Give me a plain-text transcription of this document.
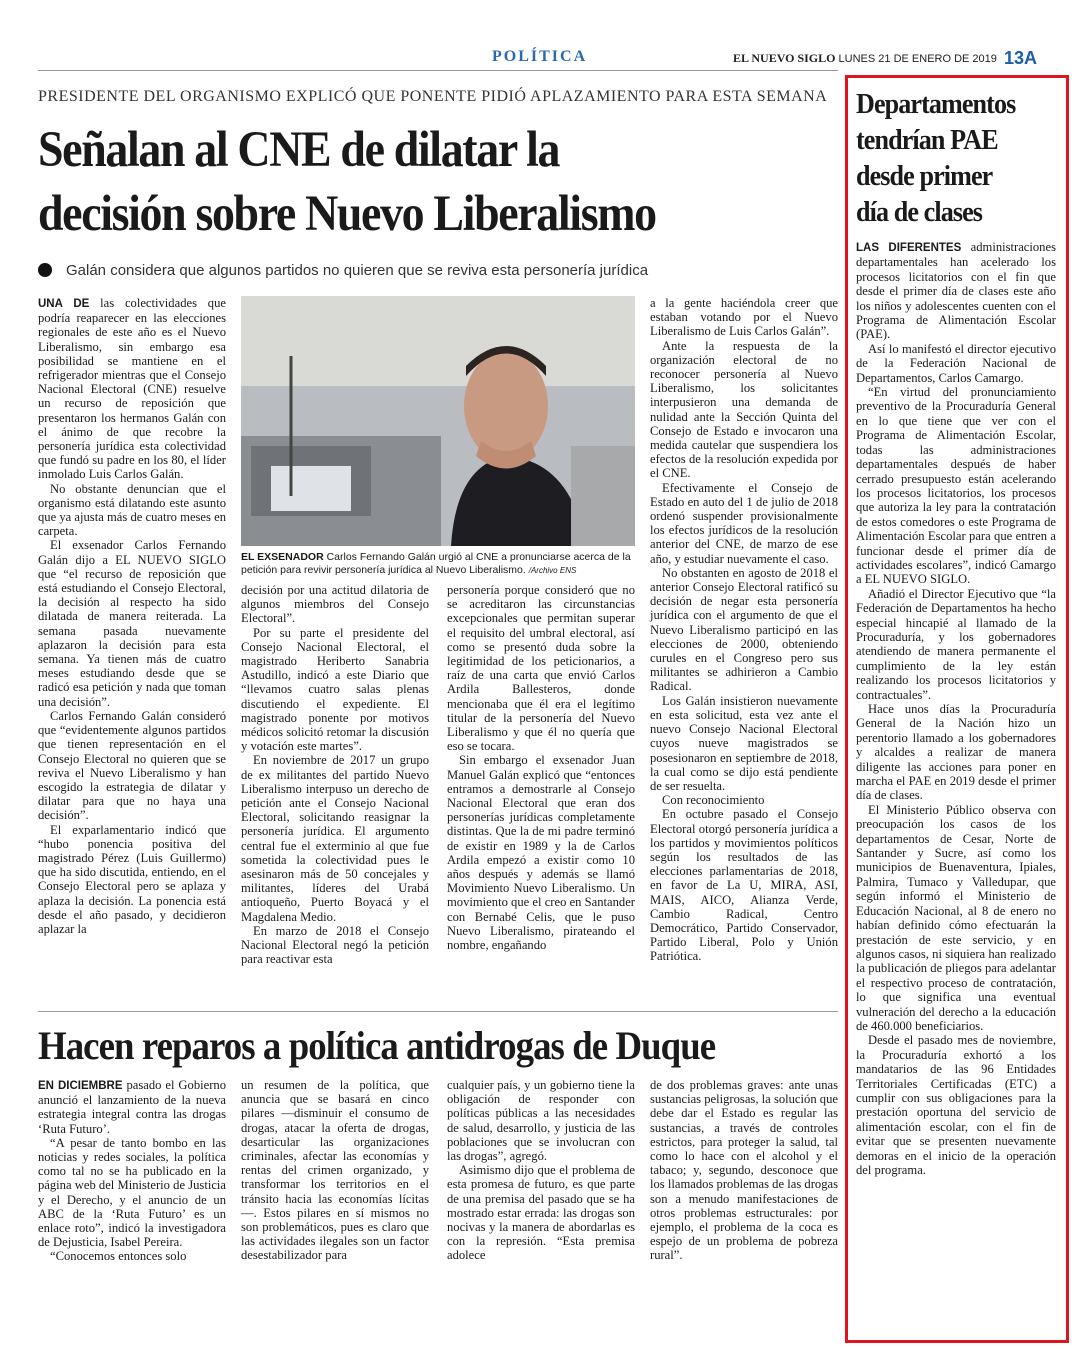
POLÍTICA	EL NUEVO SIGLO LUNES 21 DE ENERO DE 2019 13A
PRESIDENTE DEL ORGANISMO EXPLICÓ QUE PONENTE PIDIÓ APLAZAMIENTO PARA ESTA SEMANA
Señalan al CNE de dilatar la
decisión sobre Nuevo Liberalismo
Galán considera que algunos partidos no quieren que se reviva esta personería jurídica

UNA DE las colectividades que podría reaparecer en las elecciones regionales de este año es el Nuevo Liberalismo, sin embargo esa posibilidad se mantiene en el refrigerador mientras que el Consejo Nacional Electoral (CNE) resuelve un recurso de reposición que presentaron los hermanos Galán con el ánimo de que recobre la personería jurídica esta colectividad que fundó su padre en los 80, el líder inmolado Luis Carlos Galán.

No obstante denuncian que el organismo está dilatando este asunto que ya ajusta más de cuatro meses en carpeta.

El exsenador Carlos Fernando Galán dijo a EL NUEVO SIGLO que “el recurso de reposición que está estudiando el Consejo Electoral, la decisión al respecto ha sido dilatada de manera reiterada. La semana pasada nuevamente aplazaron la decisión para esta semana. Ya tienen más de cuatro meses estudiando desde que se radicó esa petición y nada que toman una decisión”.

Carlos Fernando Galán consideró que “evidentemente algunos partidos que tienen representación en el Consejo Electoral no quieren que se reviva el Nuevo Liberalismo y han escogido la estrategia de dilatar y dilatar para que no haya una decisión”.

El exparlamentario indicó que “hubo ponencia positiva del magistrado Pérez (Luis Guillermo) que ha sido discutida, entiendo, en el Consejo Electoral pero se aplaza y aplaza la decisión. La ponencia está desde el año pasado, y decidieron aplazar la

EL EXSENADOR Carlos Fernando Galán urgió al CNE a pronunciarse acerca de la petición para revivir personería jurídica al Nuevo Liberalismo. /Archivo ENS

decisión por una actitud dilatoria de algunos miembros del Consejo Electoral”.

Por su parte el presidente del Consejo Nacional Electoral, el magistrado Heriberto Sanabria Astudillo, indicó a este Diario que “llevamos cuatro salas plenas discutiendo el expediente. El magistrado ponente por motivos médicos solicitó retomar la discusión y votación este martes”.

En noviembre de 2017 un grupo de ex militantes del partido Nuevo Liberalismo interpuso un derecho de petición ante el Consejo Nacional Electoral, solicitando reasignar la personería jurídica. El argumento central fue el exterminio al que fue sometida la colectividad pues le asesinaron más de 50 concejales y militantes, líderes del Urabá antioqueño, Puerto Boyacá y el Magdalena Medio.

En marzo de 2018 el Consejo Nacional Electoral negó la petición para reactivar esta

personería porque consideró que no se acreditaron las circunstancias excepcionales que permitan superar el requisito del umbral electoral, así como se presentó duda sobre la legitimidad de los peticionarios, a raíz de una carta que envió Carlos Ardila Ballesteros, donde mencionaba que él era el legítimo titular de la personería del Nuevo Liberalismo y que él no quería que eso se tocara.

Sin embargo el exsenador Juan Manuel Galán explicó que “entonces entramos a demostrarle al Consejo Nacional Electoral que eran dos personerías jurídicas completamente distintas. Que la de mi padre terminó de existir en 1989 y la de Carlos Ardila empezó a existir como 10 años después y además se llamó Movimiento Nuevo Liberalismo. Un movimiento que el creo en Santander con Bernabé Celis, que le puso Nuevo Liberalismo, pirateando el nombre, engañando

a la gente haciéndola creer que estaban votando por el Nuevo Liberalismo de Luis Carlos Galán”.

Ante la respuesta de la organización electoral de no reconocer personería al Nuevo Liberalismo, los solicitantes interpusieron una demanda de nulidad ante la Sección Quinta del Consejo de Estado e invocaron una medida cautelar que suspendiera los efectos de la resolución expedida por el CNE.

Efectivamente el Consejo de Estado en auto del 1 de julio de 2018 ordenó suspender provisionalmente los efectos jurídicos de la resolución anterior del CNE, de marzo de ese año, y estudiar nuevamente el caso.

No obstanten en agosto de 2018 el anterior Consejo Electoral ratificó su decisión de negar esta personería jurídica con el argumento de que el Nuevo Liberalismo participó en las elecciones de 2000, obteniendo curules en el Congreso pero sus militantes se adhirieron a Cambio Radical.

Los Galán insistieron nuevamente en esta solicitud, esta vez ante el nuevo Consejo Nacional Electoral cuyos nueve magistrados se posesionaron en septiembre de 2018, la cual como se dijo está pendiente de ser resuelta.

Con reconocimiento

En octubre pasado el Consejo Electoral otorgó personería jurídica a los partidos y movimientos políticos según los resultados de las elecciones parlamentarias de 2018, en favor de La U, MIRA, ASI, MAIS, AICO, Alianza Verde, Cambio Radical, Centro Democrático, Partido Conservador, Partido Liberal, Polo y Unión Patriótica.

Hacen reparos a política antidrogas de Duque

EN DICIEMBRE pasado el Gobierno anunció el lanzamiento de la nueva estrategia integral contra las drogas ‘Ruta Futuro’.

“A pesar de tanto bombo en las noticias y redes sociales, la política como tal no se ha publicado en la página web del Ministerio de Justicia y el Derecho, y el anuncio de un ABC de la ‘Ruta Futuro’ es un enlace roto”, indicó la investigadora de Dejusticia, Isabel Pereira.

“Conocemos entonces solo

un resumen de la política, que anuncia que se basará en cinco pilares —disminuir el consumo de drogas, atacar la oferta de drogas, desarticular las organizaciones criminales, afectar las economías y rentas del crimen organizado, y transformar los territorios en el tránsito hacia las economías lícitas—. Estos pilares en sí mismos no son problemáticos, pues es claro que las actividades ilegales son un factor desestabilizador para

cualquier país, y un gobierno tiene la obligación de responder con políticas públicas a las necesidades de salud, desarrollo, y justicia de las poblaciones que se involucran con las drogas”, agregó.

Asimismo dijo que el problema de esta promesa de futuro, es que parte de una premisa del pasado que se ha mostrado estar errada: las drogas son nocivas y la manera de abordarlas es con la represión. “Esta premisa adolece

de dos problemas graves: ante unas sustancias peligrosas, la solución que debe dar el Estado es regular las sustancias, a través de controles estrictos, para proteger la salud, tal como lo hace con el alcohol y el tabaco; y, segundo, desconoce que los llamados problemas de las drogas son a menudo manifestaciones de otros problemas estructurales: por ejemplo, el problema de la coca es espejo de un problema de pobreza rural”.

Departamentos
tendrían PAE
desde primer
día de clases

LAS DIFERENTES administraciones departamentales han acelerado los procesos licitatorios con el fin que desde el primer día de clases este año los niños y adolescentes cuenten con el Programa de Alimentación Escolar (PAE).

Así lo manifestó el director ejecutivo de la Federación Nacional de Departamentos, Carlos Camargo.

“En virtud del pronunciamiento preventivo de la Procuraduría General en lo que tiene que ver con el Programa de Alimentación Escolar, todas las administraciones departamentales después de haber cerrado presupuesto están acelerando los procesos licitatorios, los procesos que autoriza la ley para la contratación de estos comedores o este Programa de Alimentación Escolar para que entren a funcionar desde el primer día de actividades escolares”, indicó Camargo a EL NUEVO SIGLO.

Añadió el Director Ejecutivo que “la Federación de Departamentos ha hecho especial hincapié al llamado de la Procuraduría, y los gobernadores atendiendo de manera permanente el cumplimiento de la ley están realizando los procesos licitatorios y contractuales”.

Hace unos días la Procuraduría General de la Nación hizo un perentorio llamado a los gobernadores y alcaldes a realizar de manera diligente las acciones para poner en marcha el PAE en 2019 desde el primer día de clases.

El Ministerio Público observa con preocupación los casos de los departamentos de Cesar, Norte de Santander y Sucre, así como los municipios de Buenaventura, Ipiales, Palmira, Tumaco y Valledupar, que según informó el Ministerio de Educación Nacional, al 8 de enero no habían definido cómo efectuarán la prestación de este servicio, y en algunos casos, ni siquiera han realizado la publicación de pliegos para adelantar el respectivo proceso de contratación, lo que significa una eventual vulneración del derecho a la educación de 460.000 beneficiarios.

Desde el pasado mes de noviembre, la Procuraduría exhortó a los mandatarios de las 96 Entidades Territoriales Certificadas (ETC) a cumplir con sus obligaciones para la prestación oportuna del servicio de alimentación escolar, con el fin de evitar que se presenten nuevamente demoras en el inicio de la operación del programa.
